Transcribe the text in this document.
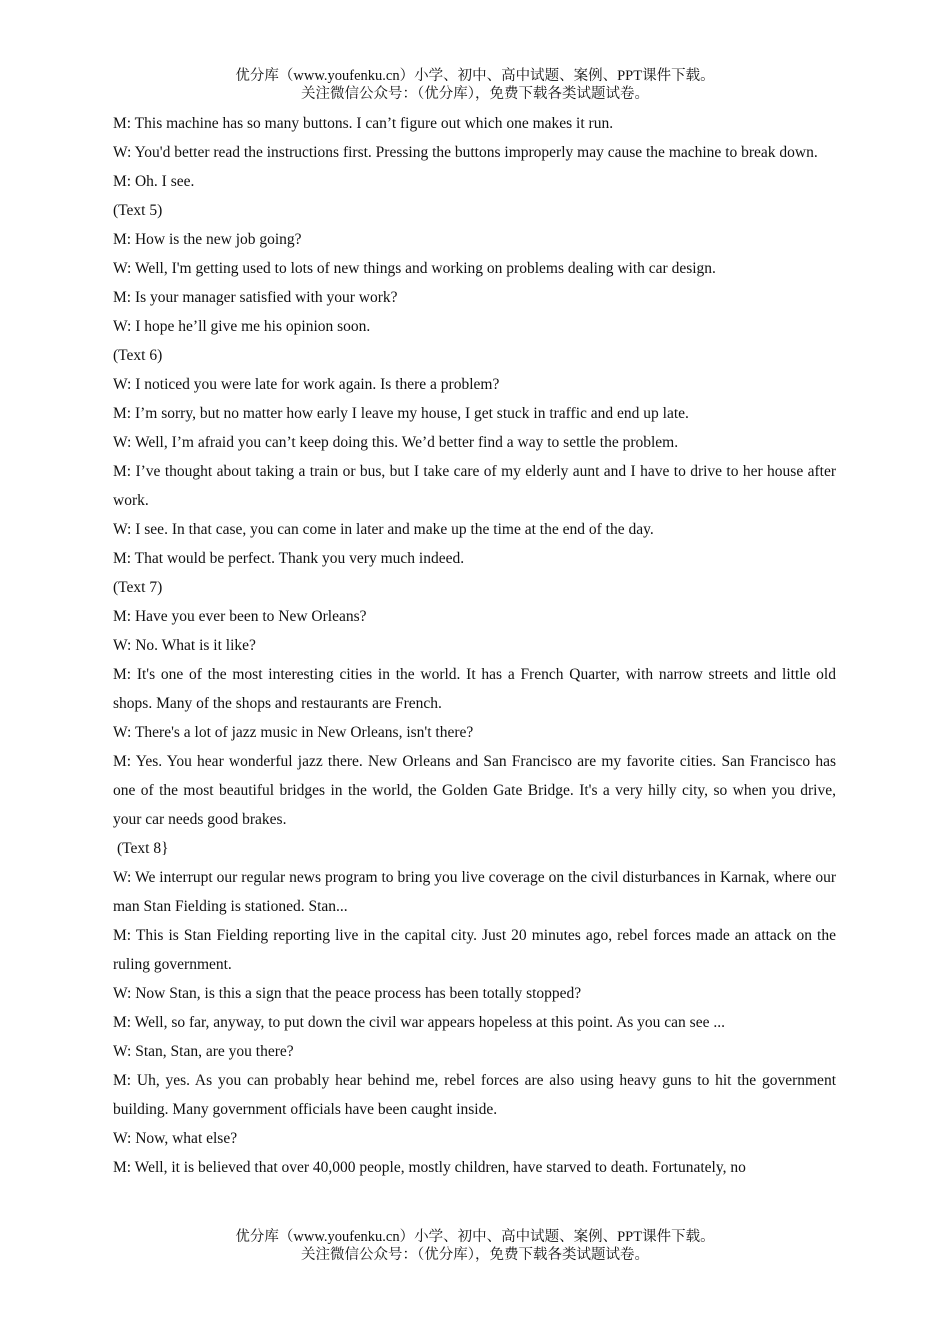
优分库（www.youfenku.cn）小学、初中、高中试题、案例、PPT课件下载。
关注微信公众号：（优分库），免费下载各类试题试卷。

M: This machine has so many buttons. I can’t figure out which one makes it run.

W: You'd better read the instructions first. Pressing the buttons improperly may cause the machine to break down.

M: Oh. I see.

(Text 5)

M: How is the new job going?

W: Well, I'm getting used to lots of new things and working on problems dealing with car design.

M: Is your manager satisfied with your work?

W: I hope he’ll give me his opinion soon.

(Text 6)

W: I noticed you were late for work again. Is there a problem?

M: I’m sorry, but no matter how early I leave my house, I get stuck in traffic and end up late.

W: Well, I’m afraid you can’t keep doing this. We’d better find a way to settle the problem.

M: I’ve thought about taking a train or bus, but I take care of my elderly aunt and I have to drive to her house after work.

W: I see. In that case, you can come in later and make up the time at the end of the day.

M: That would be perfect. Thank you very much indeed.

(Text 7)

M: Have you ever been to New Orleans?

W: No. What is it like?

M: It's one of the most interesting cities in the world. It has a French Quarter, with narrow streets and little old shops. Many of the shops and restaurants are French.

W: There's a lot of jazz music in New Orleans, isn't there?

M: Yes. You hear wonderful jazz there. New Orleans and San Francisco are my favorite cities. San Francisco has one of the most beautiful bridges in the world, the Golden Gate Bridge. It's a very hilly city, so when you drive, your car needs good brakes.

(Text 8}

W: We interrupt our regular news program to bring you live coverage on the civil disturbances in Karnak, where our man Stan Fielding is stationed. Stan...

M: This is Stan Fielding reporting live in the capital city. Just 20 minutes ago, rebel forces made an attack on the ruling government.

W: Now Stan, is this a sign that the peace process has been totally stopped?

M: Well, so far, anyway, to put down the civil war appears hopeless at this point. As you can see ...

W: Stan, Stan, are you there?

M: Uh, yes. As you can probably hear behind me, rebel forces are also using heavy guns to hit the government building. Many government officials have been caught inside.

W: Now, what else?

M: Well, it is believed that over 40,000 people, mostly children, have starved to death. Fortunately, no

优分库（www.youfenku.cn）小学、初中、高中试题、案例、PPT课件下载。
关注微信公众号：（优分库），免费下载各类试题试卷。
